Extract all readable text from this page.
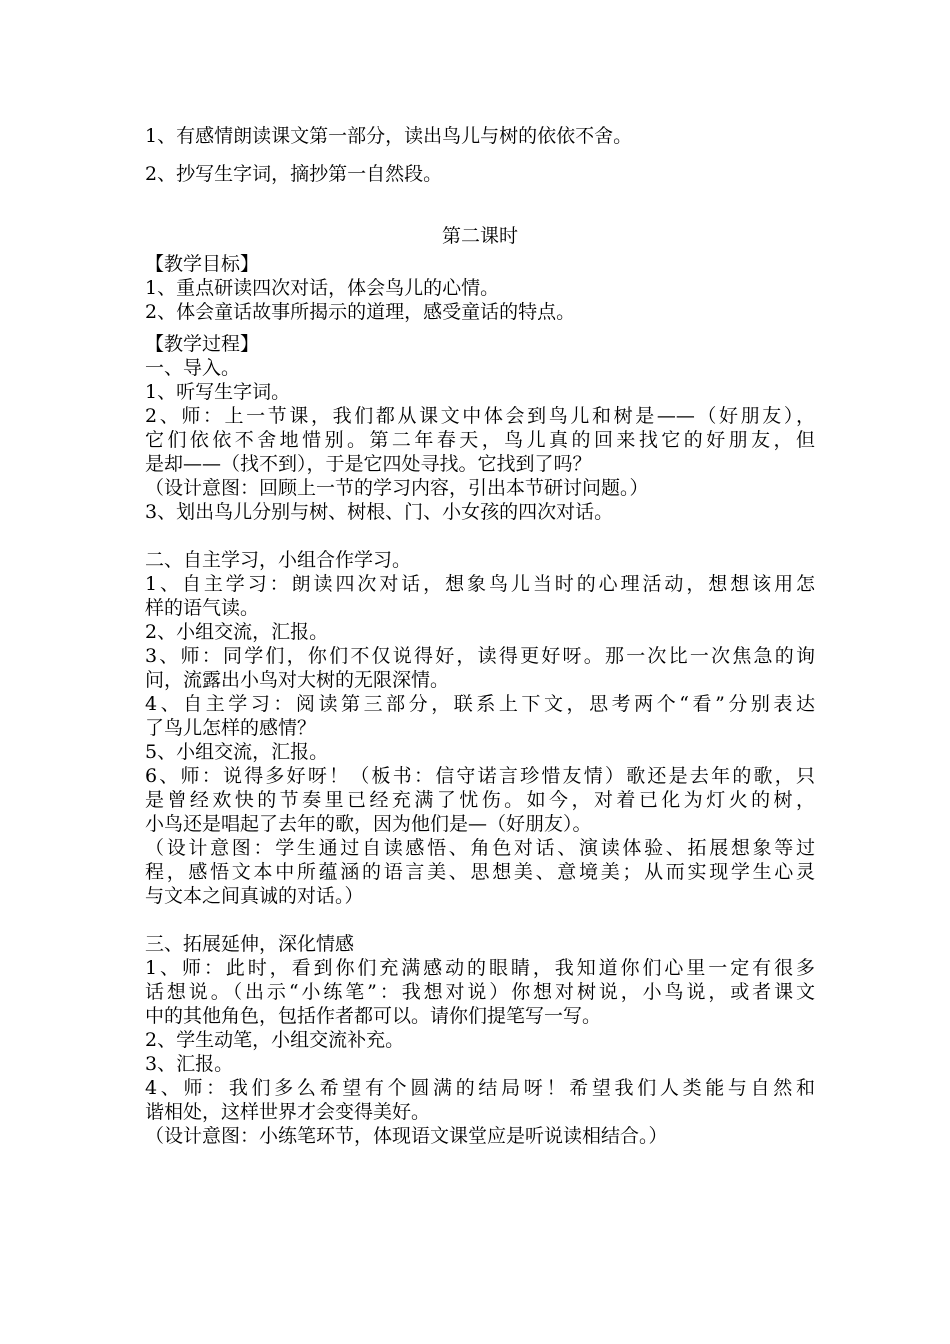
1、有感情朗读课文第一部分，读出鸟儿与树的依依不舍。
2、抄写生字词，摘抄第一自然段。
第二课时
【教学目标】
1、重点研读四次对话，体会鸟儿的心情。
2、体会童话故事所揭示的道理，感受童话的特点。
【教学过程】
一、导入。
1、听写生字词。
2、师：上一节课，我们都从课文中体会到鸟儿和树是——（好朋友），
它们依依不舍地惜别。第二年春天，鸟儿真的回来找它的好朋友，但
是却——（找不到），于是它四处寻找。它找到了吗？
（设计意图：回顾上一节的学习内容，引出本节研讨问题。）
3、划出鸟儿分别与树、树根、门、小女孩的四次对话。
二、自主学习，小组合作学习。
1、自主学习：朗读四次对话，想象鸟儿当时的心理活动，想想该用怎
样的语气读。
2、小组交流，汇报。
3、师：同学们，你们不仅说得好，读得更好呀。那一次比一次焦急的询
问，流露出小鸟对大树的无限深情。
4、自主学习：阅读第三部分，联系上下文，思考两个“看”分别表达
了鸟儿怎样的感情？
5、小组交流，汇报。
6、师：说得多好呀！（板书：信守诺言珍惜友情）歌还是去年的歌，只
是曾经欢快的节奏里已经充满了忧伤。如今，对着已化为灯火的树，
小鸟还是唱起了去年的歌，因为他们是—（好朋友）。
（设计意图：学生通过自读感悟、角色对话、演读体验、拓展想象等过
程，感悟文本中所蕴涵的语言美、思想美、意境美；从而实现学生心灵
与文本之间真诚的对话。）
三、拓展延伸，深化情感
1、师：此时，看到你们充满感动的眼睛，我知道你们心里一定有很多
话想说。（出示“小练笔”：我想对说）你想对树说，小鸟说，或者课文
中的其他角色，包括作者都可以。请你们提笔写一写。
2、学生动笔，小组交流补充。
3、汇报。
4、师：我们多么希望有个圆满的结局呀！希望我们人类能与自然和
谐相处，这样世界才会变得美好。
（设计意图：小练笔环节，体现语文课堂应是听说读相结合。）
